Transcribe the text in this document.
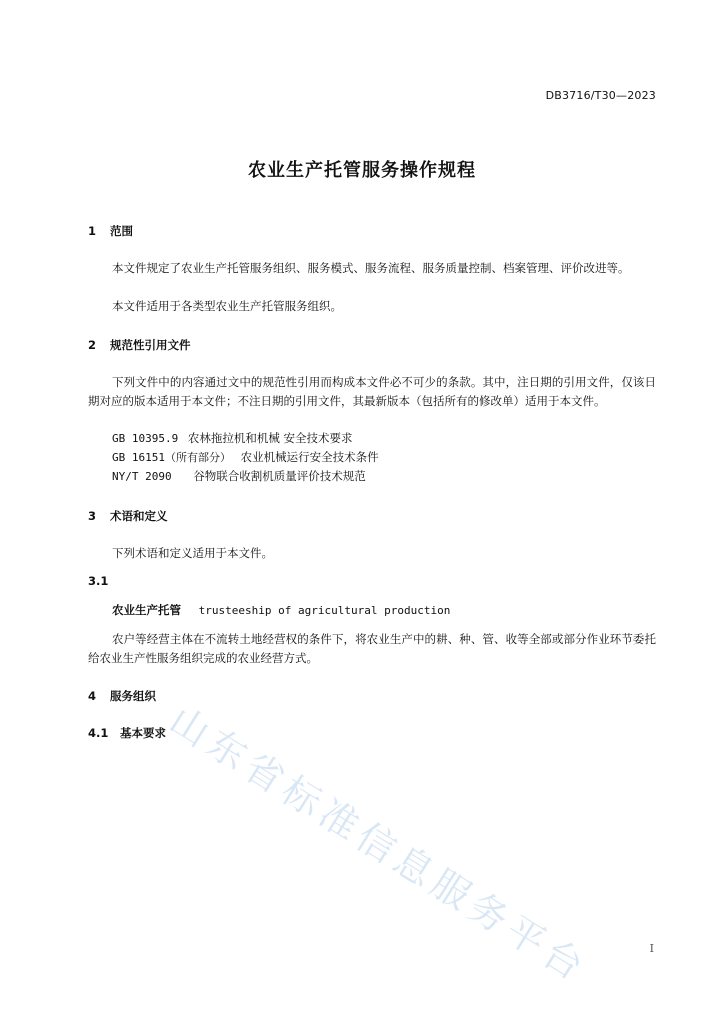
DB3716/T30—2023
农业生产托管服务操作规程
1 范围
本文件规定了农业生产托管服务组织、服务模式、服务流程、服务质量控制、档案管理、评价改进等。
本文件适用于各类型农业生产托管服务组织。
2 规范性引用文件
下列文件中的内容通过文中的规范性引用而构成本文件必不可少的条款。其中，注日期的引用文件，仅该日期对应的版本适用于本文件；不注日期的引用文件，其最新版本（包括所有的修改单）适用于本文件。
GB 10395.9 农林拖拉机和机械 安全技术要求
GB 16151（所有部分） 农业机械运行安全技术条件
NY/T 2090 谷物联合收割机质量评价技术规范
3 术语和定义
下列术语和定义适用于本文件。
3.1
农业生产托管 trusteeship of agricultural production
农户等经营主体在不流转土地经营权的条件下，将农业生产中的耕、种、管、收等全部或部分作业环节委托给农业生产性服务组织完成的农业经营方式。
4 服务组织
4.1 基本要求
山东省标准信息服务平台	I
